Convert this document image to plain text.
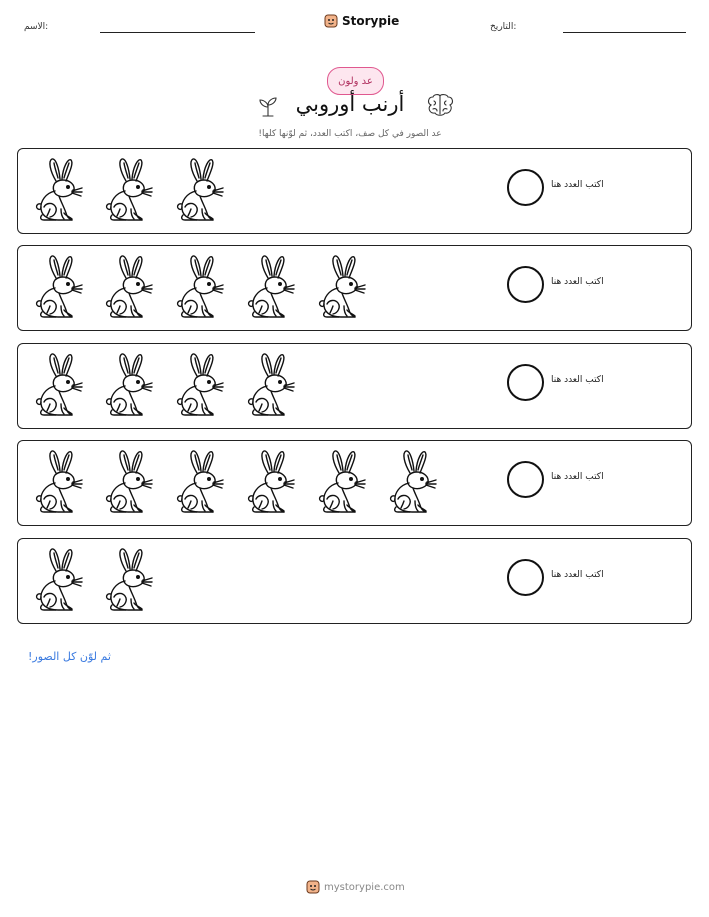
الاسم:	Storypie	التاريخ:
عد ولون
أرنب أوروبي
عد الصور في كل صف، اكتب العدد، ثم لوّنها كلها!
اكتب العدد هنا
اكتب العدد هنا
اكتب العدد هنا
اكتب العدد هنا
اكتب العدد هنا
ثم لوّن كل الصور!
mystorypie.com
